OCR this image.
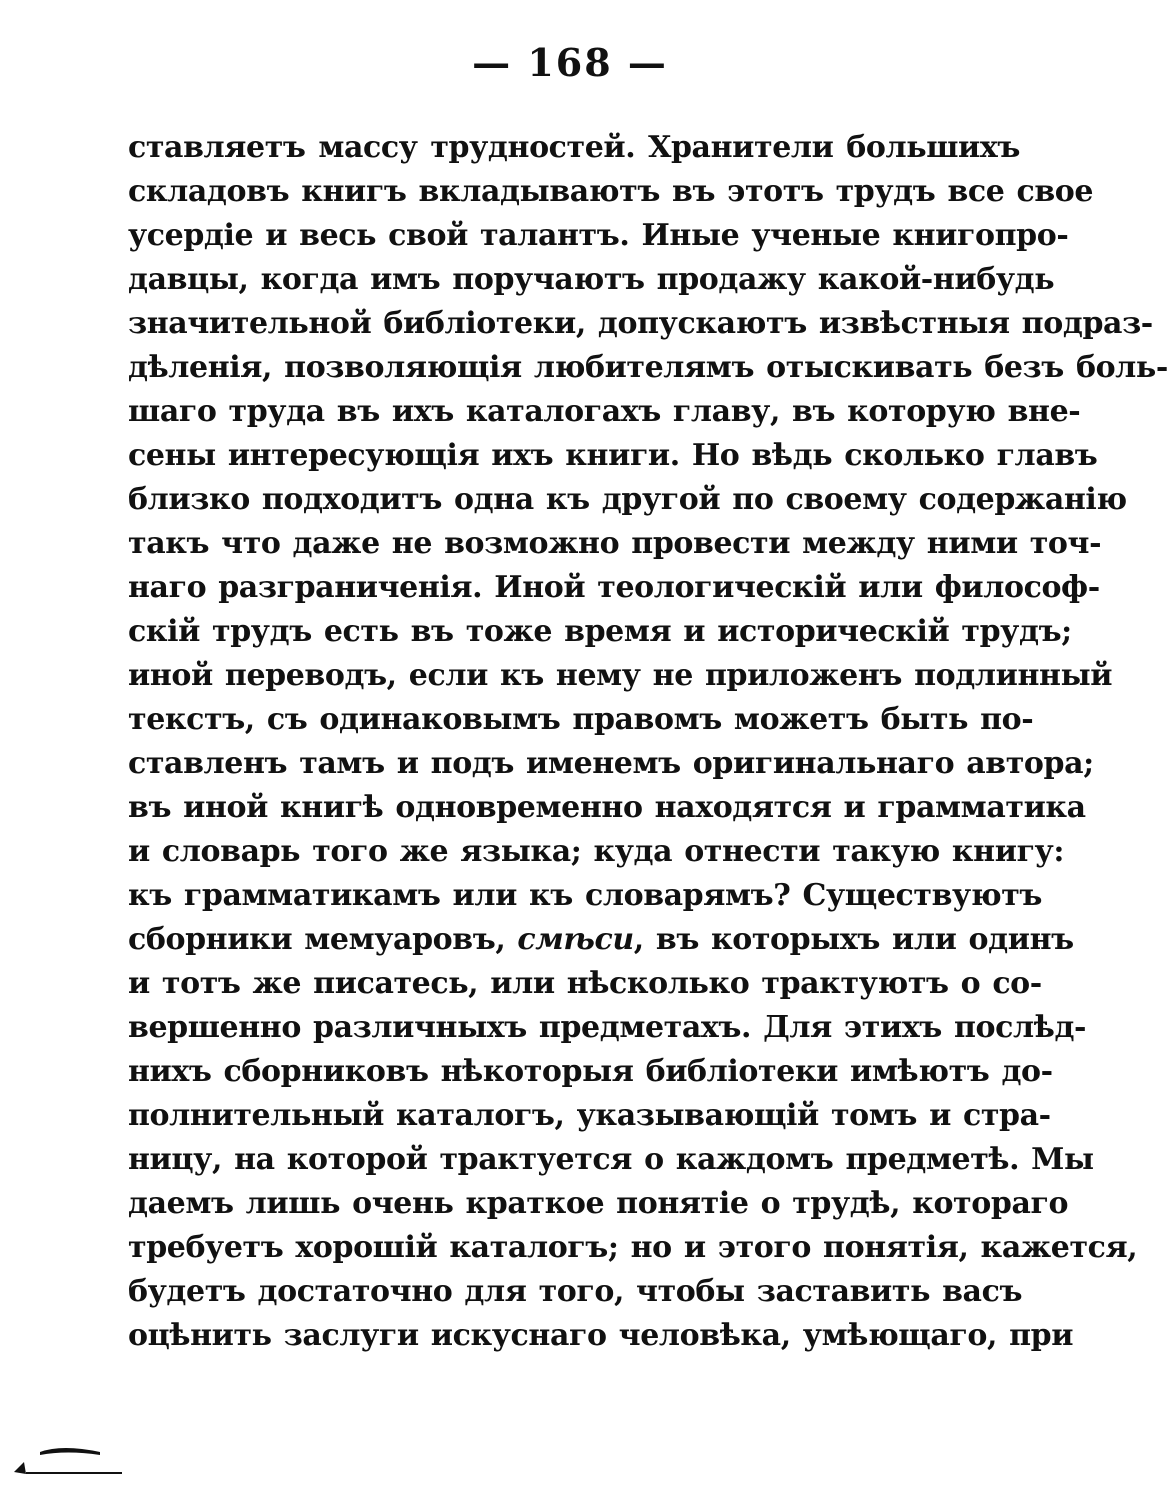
— 168 —
ставляетъ массу трудностей. Хранители большихъ
складовъ книгъ вкладываютъ въ этотъ трудъ все свое
усердіе и весь свой талантъ. Иные ученые книгопро-
давцы, когда имъ поручаютъ продажу какой-нибудь
значительной библіотеки, допускаютъ извѣстныя подраз-
дѣленія, позволяющія любителямъ отыскивать безъ боль-
шаго труда въ ихъ каталогахъ главу, въ которую вне-
сены интересующія ихъ книги. Но вѣдь сколько главъ
близко подходитъ одна къ другой по своему содержанію
такъ что даже не возможно провести между ними точ-
наго разграниченія. Иной теологическій или философ-
скій трудъ есть въ тоже время и историческій трудъ;
иной переводъ, если къ нему не приложенъ подлинный
текстъ, съ одинаковымъ правомъ можетъ быть по-
ставленъ тамъ и подъ именемъ оригинальнаго автора;
въ иной книгѣ одновременно находятся и грамматика
и словарь того же языка; куда отнести такую книгу:
къ грамматикамъ или къ словарямъ? Существуютъ
сборники мемуаровъ, смѣси, въ которыхъ или одинъ
и тотъ же писатесь, или нѣсколько трактуютъ о со-
вершенно различныхъ предметахъ. Для этихъ послѣд-
нихъ сборниковъ нѣкоторыя библіотеки имѣютъ до-
полнительный каталогъ, указывающій томъ и стра-
ницу, на которой трактуется о каждомъ предметѣ. Мы
даемъ лишь очень краткое понятіе о трудѣ, котораго
требуетъ хорошій каталогъ; но и этого понятія, кажется,
будетъ достаточно для того, чтобы заставить васъ
оцѣнить заслуги искуснаго человѣка, умѣющаго, при
